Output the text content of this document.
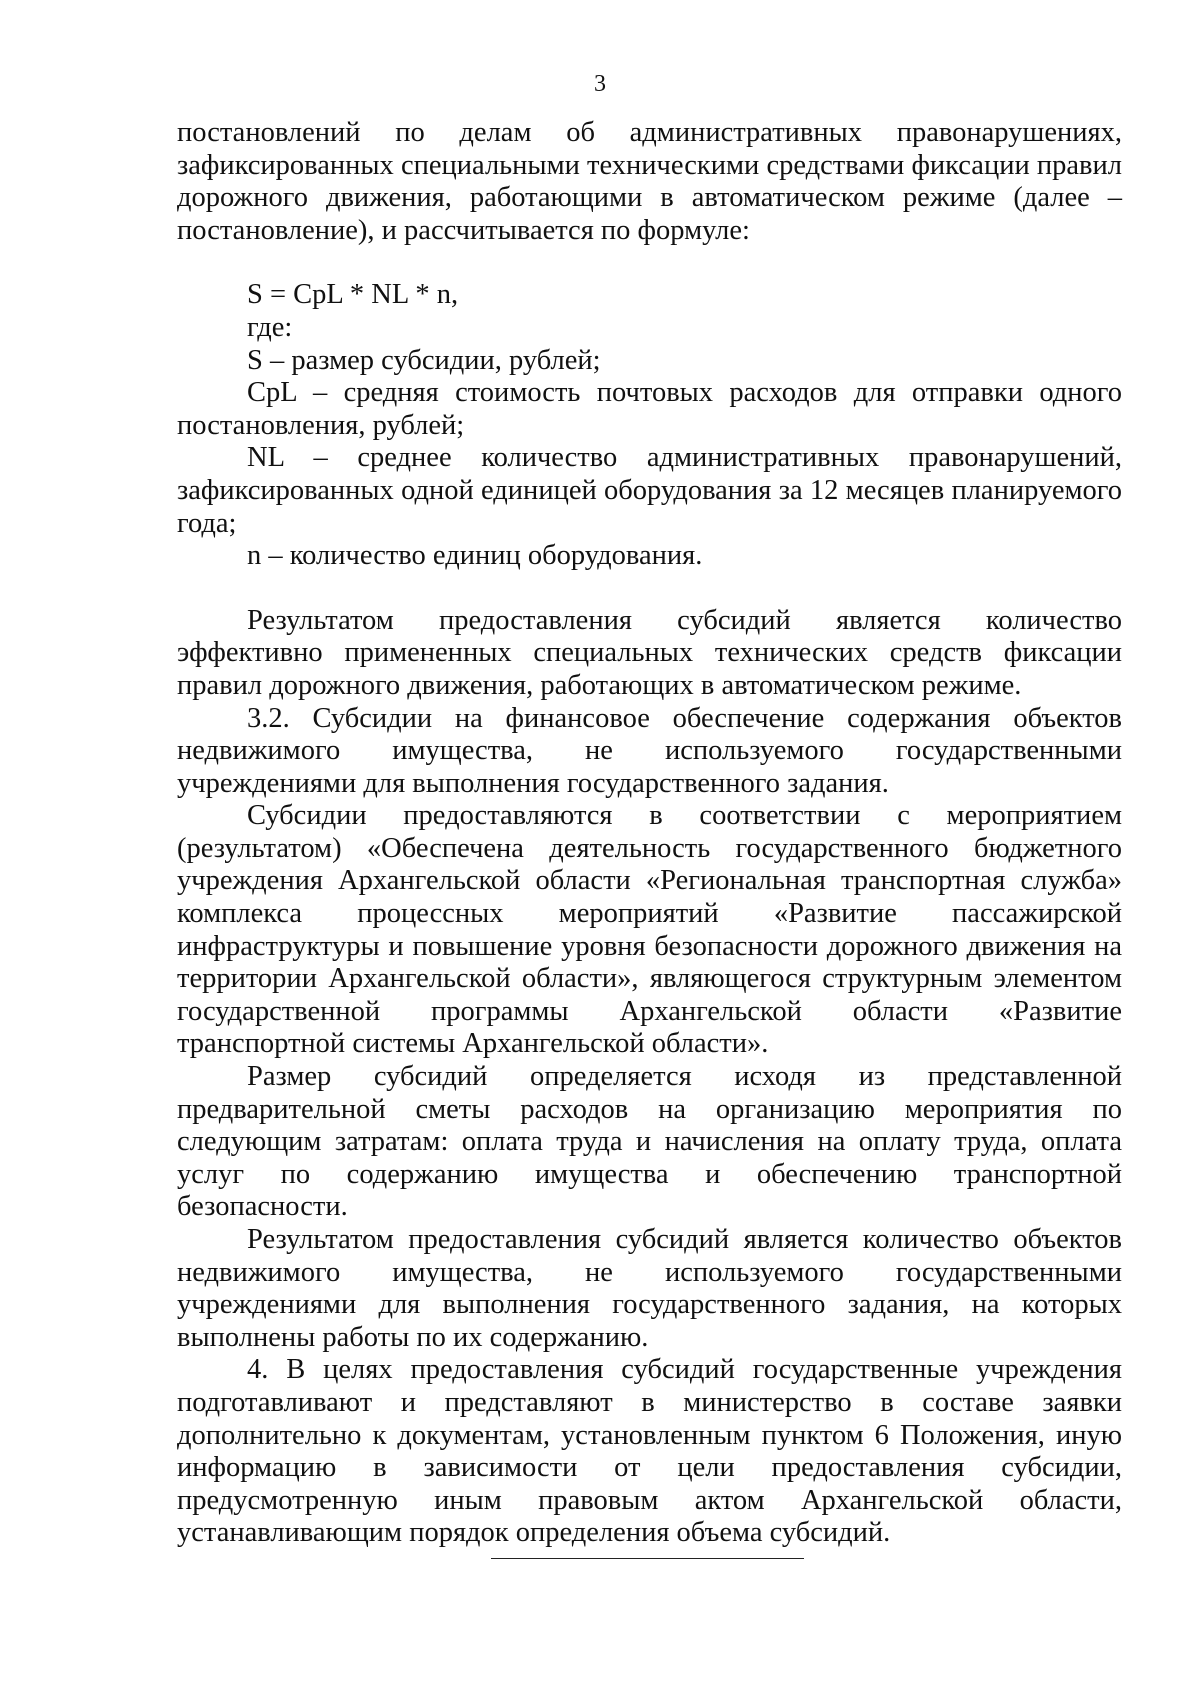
3

постановлений по делам об административных правонарушениях, зафиксированных специальными техническими средствами фиксации правил дорожного движения, работающими в автоматическом режиме (далее – постановление), и рассчитывается по формуле:

S = CpL * NL * n,

где:

S – размер субсидии, рублей;

CpL – средняя стоимость почтовых расходов для отправки одного постановления, рублей;

NL – среднее количество административных правонарушений, зафиксированных одной единицей оборудования за 12 месяцев планируемого года;

n – количество единиц оборудования.

Результатом предоставления субсидий является количество эффективно примененных специальных технических средств фиксации правил дорожного движения, работающих в автоматическом режиме.

3.2. Субсидии на финансовое обеспечение содержания объектов недвижимого имущества, не используемого государственными учреждениями для выполнения государственного задания.

Субсидии предоставляются в соответствии с мероприятием (результатом) «Обеспечена деятельность государственного бюджетного учреждения Архангельской области «Региональная транспортная служба» комплекса процессных мероприятий «Развитие пассажирской инфраструктуры и повышение уровня безопасности дорожного движения на территории Архангельской области», являющегося структурным элементом государственной программы Архангельской области «Развитие транспортной системы Архангельской области».

Размер субсидий определяется исходя из представленной предварительной сметы расходов на организацию мероприятия по следующим затратам: оплата труда и начисления на оплату труда, оплата услуг по содержанию имущества и обеспечению транспортной безопасности.

Результатом предоставления субсидий является количество объектов недвижимого имущества, не используемого государственными учреждениями для выполнения государственного задания, на которых выполнены работы по их содержанию.

4. В целях предоставления субсидий государственные учреждения подготавливают и представляют в министерство в составе заявки дополнительно к документам, установленным пунктом 6 Положения, иную информацию в зависимости от цели предоставления субсидии, предусмотренную иным правовым актом Архангельской области, устанавливающим порядок определения объема субсидий.
